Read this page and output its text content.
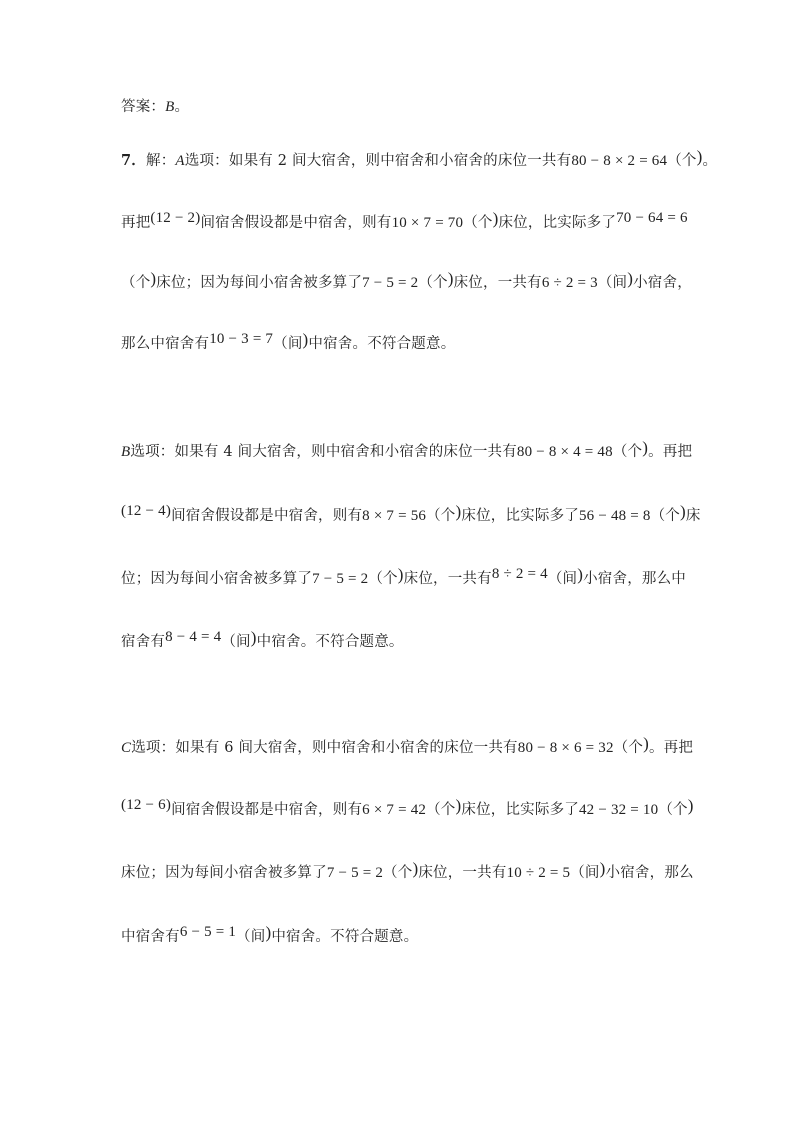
答案：B。
7．解：A选项：如果有 2 间大宿舍，则中宿舍和小宿舍的床位一共有80 − 8 × 2 = 64（个)。
再把(12 − 2)间宿舍假设都是中宿舍，则有10 × 7 = 70（个)床位，比实际多了70 − 64 = 6
（个)床位；因为每间小宿舍被多算了7 − 5 = 2（个)床位，一共有6 ÷ 2 = 3（间)小宿舍，
那么中宿舍有10 − 3 = 7（间)中宿舍。不符合题意。
B选项：如果有 4 间大宿舍，则中宿舍和小宿舍的床位一共有80 − 8 × 4 = 48（个)。再把
(12 − 4)间宿舍假设都是中宿舍，则有8 × 7 = 56（个)床位，比实际多了56 − 48 = 8（个)床
位；因为每间小宿舍被多算了7 − 5 = 2（个)床位，一共有8 ÷ 2 = 4（间)小宿舍，那么中
宿舍有8 − 4 = 4（间)中宿舍。不符合题意。
C选项：如果有 6 间大宿舍，则中宿舍和小宿舍的床位一共有80 − 8 × 6 = 32（个)。再把
(12 − 6)间宿舍假设都是中宿舍，则有6 × 7 = 42（个)床位，比实际多了42 − 32 = 10（个)
床位；因为每间小宿舍被多算了7 − 5 = 2（个)床位，一共有10 ÷ 2 = 5（间)小宿舍，那么
中宿舍有6 − 5 = 1（间)中宿舍。不符合题意。
